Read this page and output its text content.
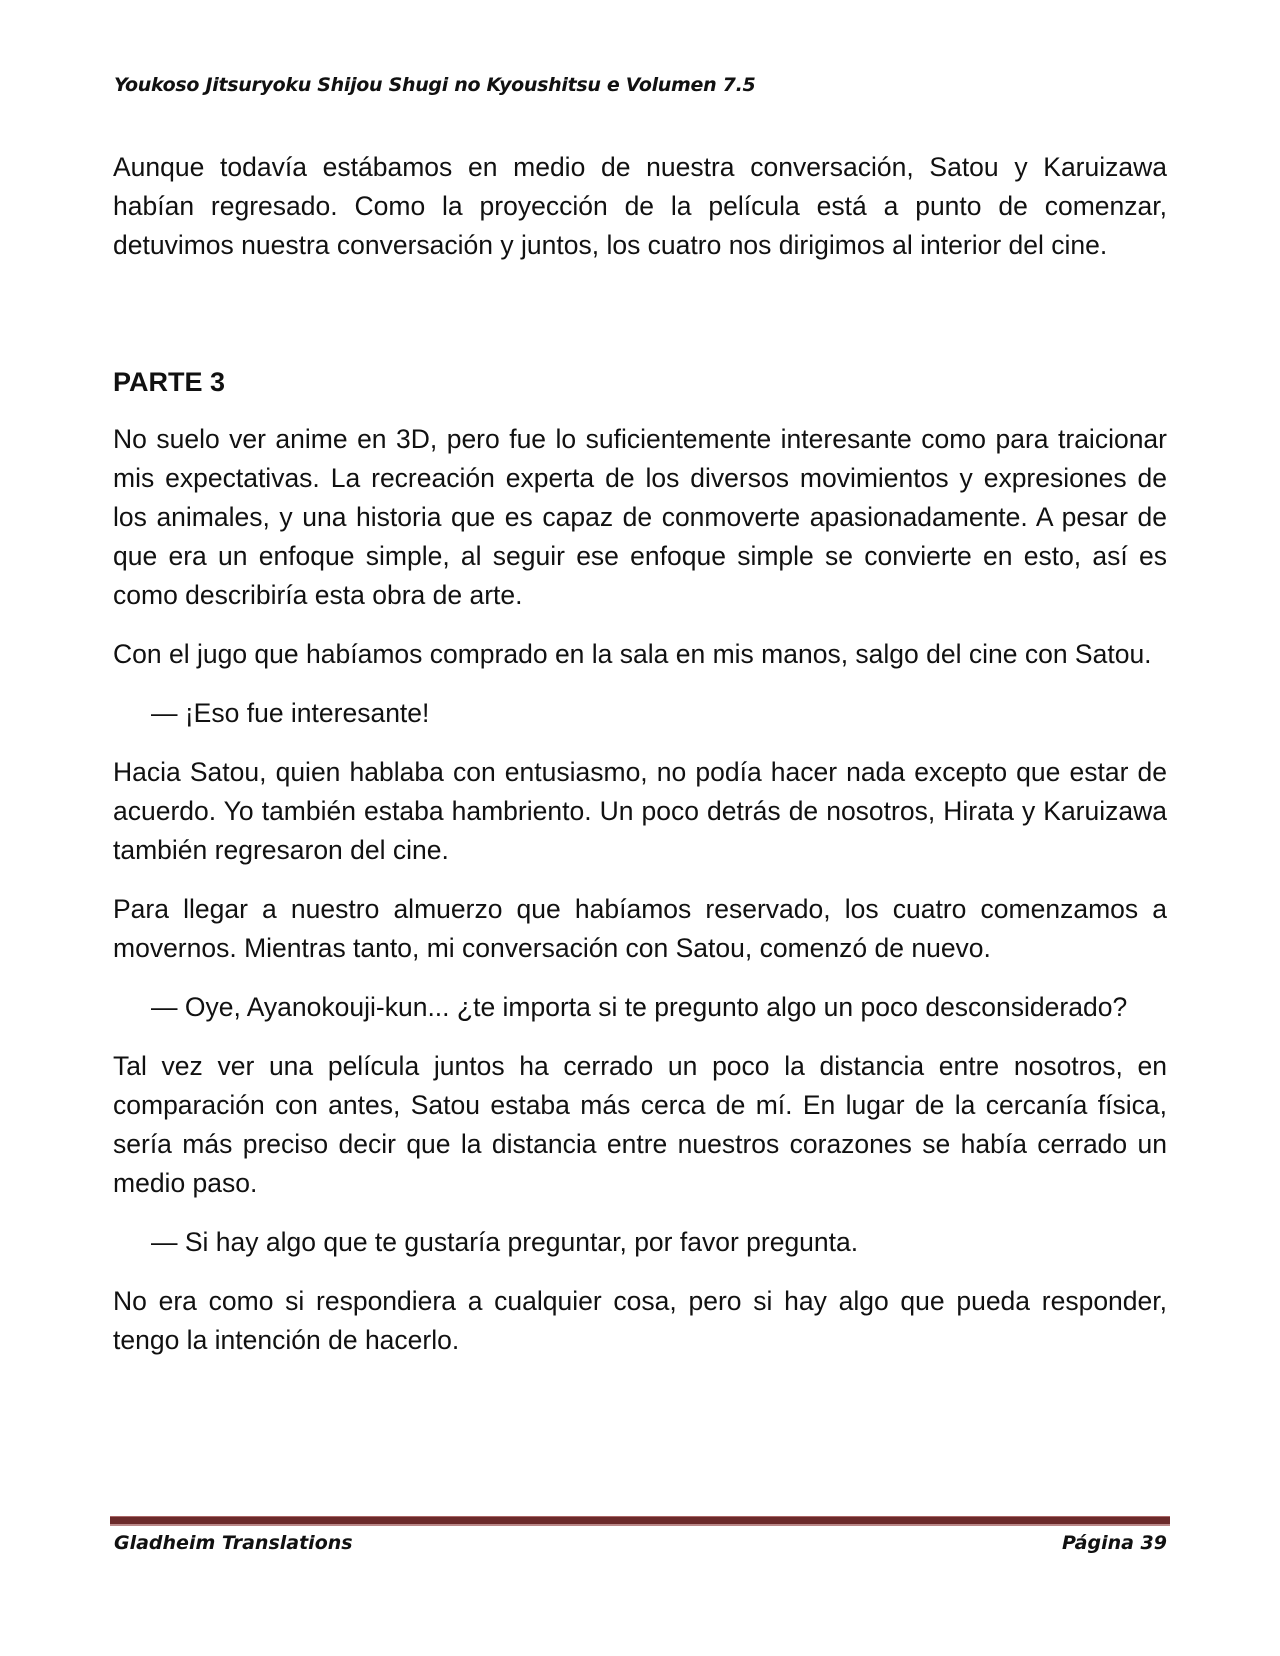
Youkoso Jitsuryoku Shijou Shugi no Kyoushitsu e Volumen 7.5

Aunque todavía estábamos en medio de nuestra conversación, Satou y Karuizawa habían regresado. Como la proyección de la película está a punto de comenzar, detuvimos nuestra conversación y juntos, los cuatro nos dirigimos al interior del cine.

PARTE 3

No suelo ver anime en 3D, pero fue lo suficientemente interesante como para traicionar mis expectativas. La recreación experta de los diversos movimientos y expresiones de los animales, y una historia que es capaz de conmoverte apasionadamente. A pesar de que era un enfoque simple, al seguir ese enfoque simple se convierte en esto, así es como describiría esta obra de arte.

Con el jugo que habíamos comprado en la sala en mis manos, salgo del cine con Satou.

— ¡Eso fue interesante!

Hacia Satou, quien hablaba con entusiasmo, no podía hacer nada excepto que estar de acuerdo. Yo también estaba hambriento. Un poco detrás de nosotros, Hirata y Karuizawa también regresaron del cine.

Para llegar a nuestro almuerzo que habíamos reservado, los cuatro comenzamos a movernos. Mientras tanto, mi conversación con Satou, comenzó de nuevo.

— Oye, Ayanokouji-kun... ¿te importa si te pregunto algo un poco desconsiderado?

Tal vez ver una película juntos ha cerrado un poco la distancia entre nosotros, en comparación con antes, Satou estaba más cerca de mí. En lugar de la cercanía física, sería más preciso decir que la distancia entre nuestros corazones se había cerrado un medio paso.

— Si hay algo que te gustaría preguntar, por favor pregunta.

No era como si respondiera a cualquier cosa, pero si hay algo que pueda responder, tengo la intención de hacerlo.

Gladheim Translations	Página 39
